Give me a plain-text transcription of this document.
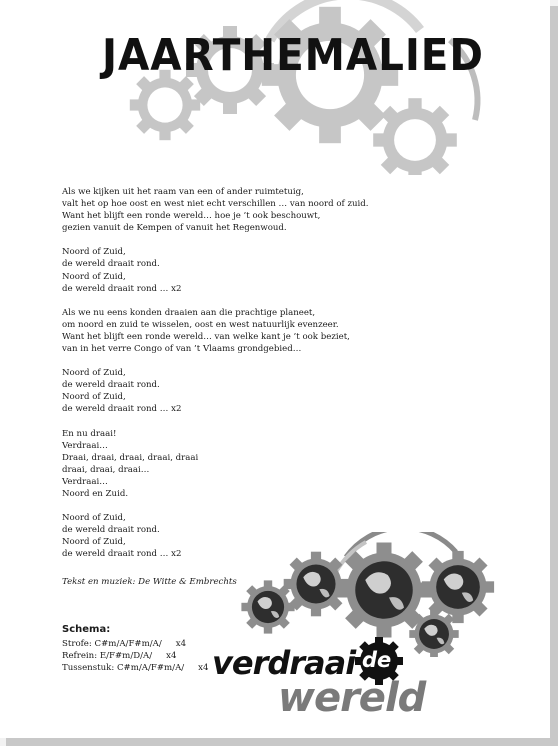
JAARTHEMALIED
Als we kijken uit het raam van een of ander ruimtetuig,
valt het op hoe oost en west niet echt verschillen … van noord of zuid.
Want het blijft een ronde wereld… hoe je ’t ook beschouwt,
gezien vanuit de Kempen of vanuit het Regenwoud.
Noord of Zuid,
de wereld draait rond.
Noord of Zuid,
de wereld draait rond … x2
Als we nu eens konden draaien aan die prachtige planeet,
om noord en zuid te wisselen, oost en west natuurlijk evenzeer.
Want het blijft een ronde wereld… van welke kant je ’t ook beziet,
van in het verre Congo of van ’t Vlaams grondgebied…
Noord of Zuid,
de wereld draait rond.
Noord of Zuid,
de wereld draait rond … x2
En nu draai!
Verdraai…
Draai, draai, draai, draai, draai
draai, draai, draai…
Verdraai…
Noord en Zuid.
Noord of Zuid,
de wereld draait rond.
Noord of Zuid,
de wereld draait rond … x2
Tekst en muziek: De Witte & Embrechts
Schema:
Strofe: C#m/A/F#m/A/ x4
Refrein: E/F#m/D/A/ x4
Tussenstuk: C#m/A/F#m/A/ x4 verdraai de
wereld
